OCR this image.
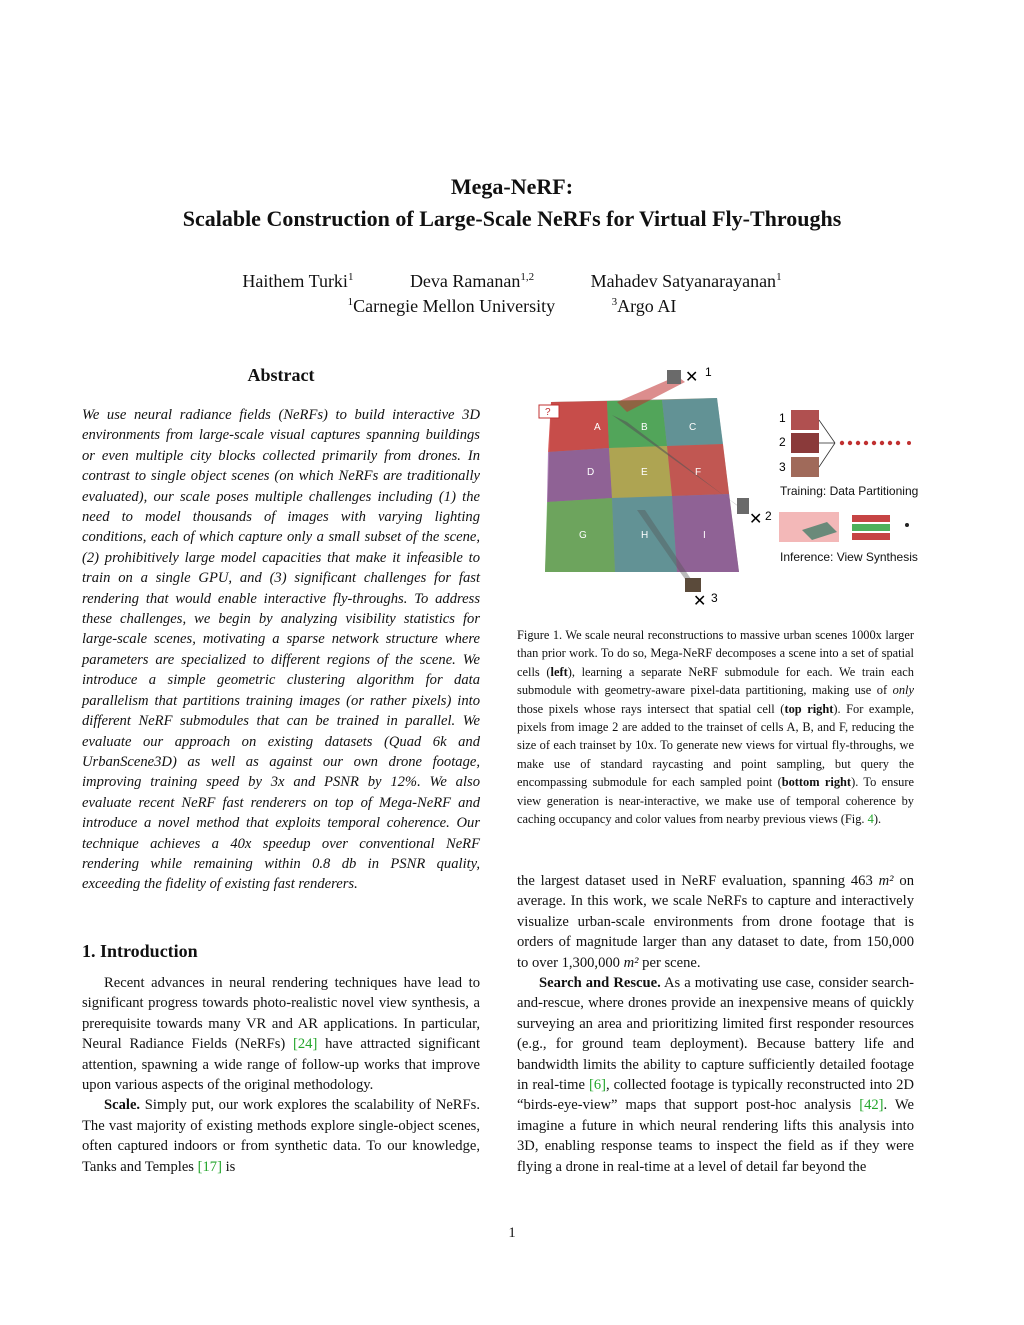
Mega-NeRF:
Scalable Construction of Large-Scale NeRFs for Virtual Fly-Throughs
Haithem Turki$^1$	Deva Ramanan$^{1,2}$	Mahadev Satyanarayanan$^1$
$^1$Carnegie Mellon University	$^3$Argo AI
Abstract
We use neural radiance fields (NeRFs) to build interactive 3D environments from large-scale visual captures spanning buildings or even multiple city blocks collected primarily from drones. In contrast to single object scenes (on which NeRFs are traditionally evaluated), our scale poses multiple challenges including (1) the need to model thousands of images with varying lighting conditions, each of which capture only a small subset of the scene, (2) prohibitively large model capacities that make it infeasible to train on a single GPU, and (3) significant challenges for fast rendering that would enable interactive fly-throughs. To address these challenges, we begin by analyzing visibility statistics for large-scale scenes, motivating a sparse network structure where parameters are specialized to different regions of the scene. We introduce a simple geometric clustering algorithm for data parallelism that partitions training images (or rather pixels) into different NeRF submodules that can be trained in parallel. We evaluate our approach on existing datasets (Quad 6k and UrbanScene3D) as well as against our own drone footage, improving training speed by 3x and PSNR by 12%. We also evaluate recent NeRF fast renderers on top of Mega-NeRF and introduce a novel method that exploits temporal coherence. Our technique achieves a 40x speedup over conventional NeRF rendering while remaining within 0.8 db in PSNR quality, exceeding the fidelity of existing fast renderers.
1. Introduction

Recent advances in neural rendering techniques have lead to significant progress towards photo-realistic novel view synthesis, a prerequisite towards many VR and AR applications. In particular, Neural Radiance Fields (NeRFs) [24] have attracted significant attention, spawning a wide range of follow-up works that improve upon various aspects of the original methodology.

Scale. Simply put, our work explores the scalability of NeRFs. The vast majority of existing methods explore single-object scenes, often captured indoors or from synthetic data. To our knowledge, Tanks and Temples [17] is

A	B	C
D	E	F
G	H	I
?
✕ 1
✕ 2
✕ 3
1
2
3
Training: Data Partitioning
Inference: View Synthesis
Figure 1. We scale neural reconstructions to massive urban scenes 1000x larger than prior work. To do so, Mega-NeRF decomposes a scene into a set of spatial cells (left), learning a separate NeRF submodule for each. We train each submodule with geometry-aware pixel-data partitioning, making use of only those pixels whose rays intersect that spatial cell (top right). For example, pixels from image 2 are added to the trainset of cells A, B, and F, reducing the size of each trainset by 10x. To generate new views for virtual fly-throughs, we make use of standard raycasting and point sampling, but query the encompassing submodule for each sampled point (bottom right). To ensure view generation is near-interactive, we make use of temporal coherence by caching occupancy and color values from nearby previous views (Fig. 4).

the largest dataset used in NeRF evaluation, spanning 463 m² on average. In this work, we scale NeRFs to capture and interactively visualize urban-scale environments from drone footage that is orders of magnitude larger than any dataset to date, from 150,000 to over 1,300,000 m² per scene.

Search and Rescue. As a motivating use case, consider search-and-rescue, where drones provide an inexpensive means of quickly surveying an area and prioritizing limited first responder resources (e.g., for ground team deployment). Because battery life and bandwidth limits the ability to capture sufficiently detailed footage in real-time [6], collected footage is typically reconstructed into 2D “birds-eye-view” maps that support post-hoc analysis [42]. We imagine a future in which neural rendering lifts this analysis into 3D, enabling response teams to inspect the field as if they were flying a drone in real-time at a level of detail far beyond the

1
